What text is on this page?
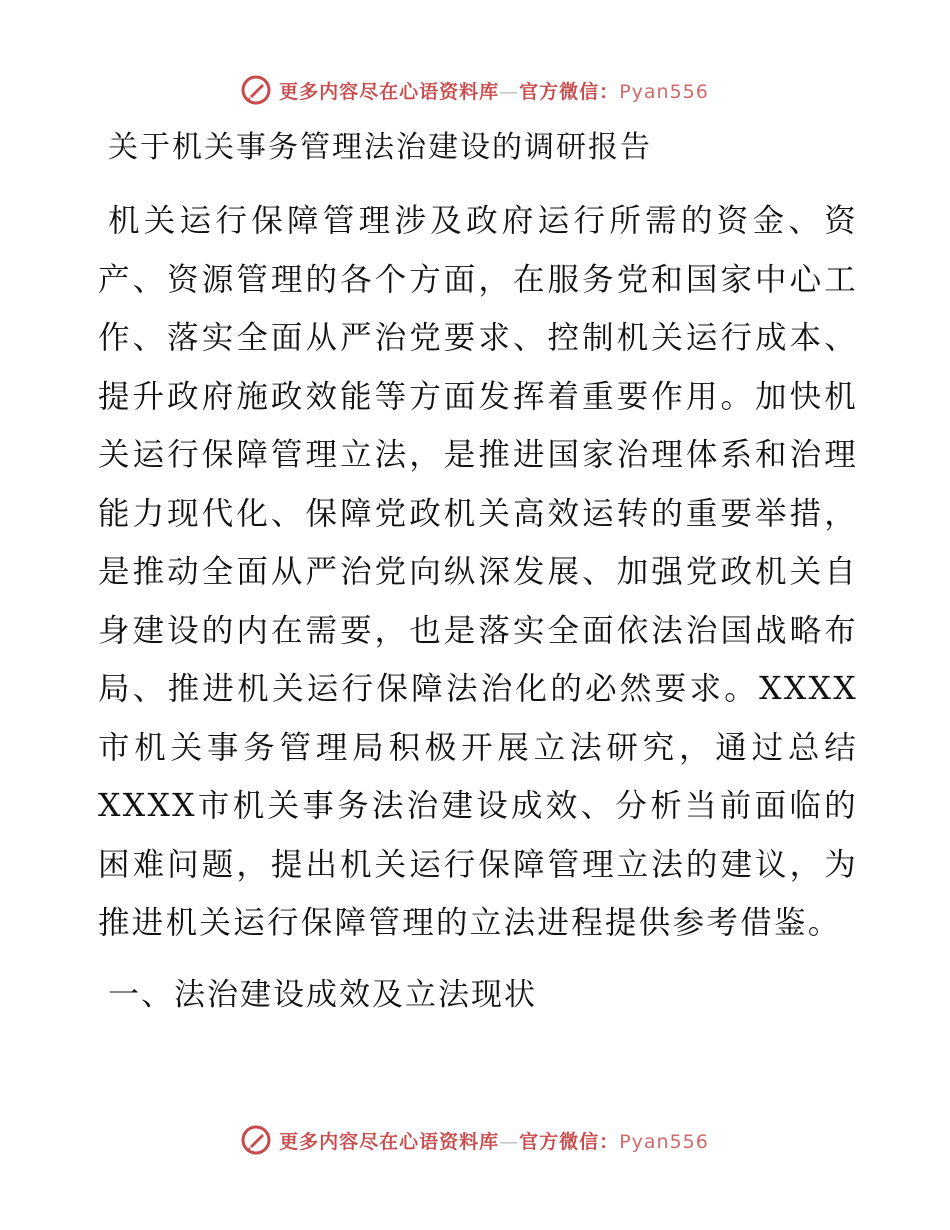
更多内容尽在心语资料库—官方微信：Pyan556
关于机关事务管理法治建设的调研报告
机关运行保障管理涉及政府运行所需的资金、资产、资源管理的各个方面，在服务党和国家中心工作、落实全面从严治党要求、控制机关运行成本、提升政府施政效能等方面发挥着重要作用。加快机关运行保障管理立法，是推进国家治理体系和治理能力现代化、保障党政机关高效运转的重要举措，是推动全面从严治党向纵深发展、加强党政机关自身建设的内在需要，也是落实全面依法治国战略布局、推进机关运行保障法治化的必然要求。XXXX市机关事务管理局积极开展立法研究，通过总结XXXX市机关事务法治建设成效、分析当前面临的困难问题，提出机关运行保障管理立法的建议，为推进机关运行保障管理的立法进程提供参考借鉴。
一、法治建设成效及立法现状
更多内容尽在心语资料库—官方微信：Pyan556
